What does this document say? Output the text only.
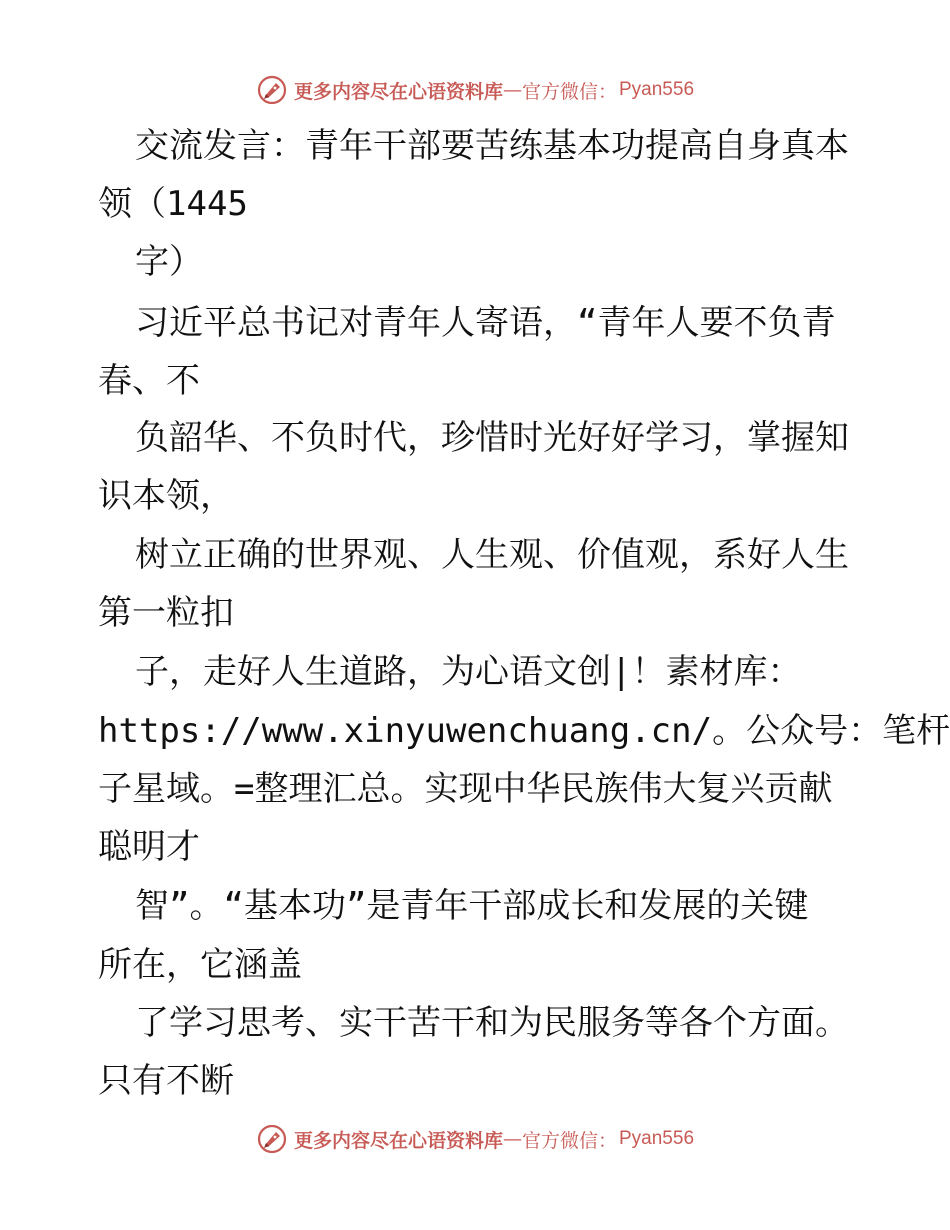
更多内容尽在心语资料库 — 官方微信： Pyan556
交流发言：青年干部要苦练基本功提高自身真本
领（1445
字）
习近平总书记对青年人寄语，“青年人要不负青
春、不
负韶华、不负时代，珍惜时光好好学习，掌握知
识本领，
树立正确的世界观、人生观、价值观，系好人生
第一粒扣
子，走好人生道路，为心语文创|！素材库：
https://www.xinyuwenchuang.cn/。公众号：笔杆
子星域。=整理汇总。实现中华民族伟大复兴贡献
聪明才
智”。“基本功”是青年干部成长和发展的关键
所在，它涵盖
了学习思考、实干苦干和为民服务等各个方面。
只有不断
更多内容尽在心语资料库 — 官方微信： Pyan556
